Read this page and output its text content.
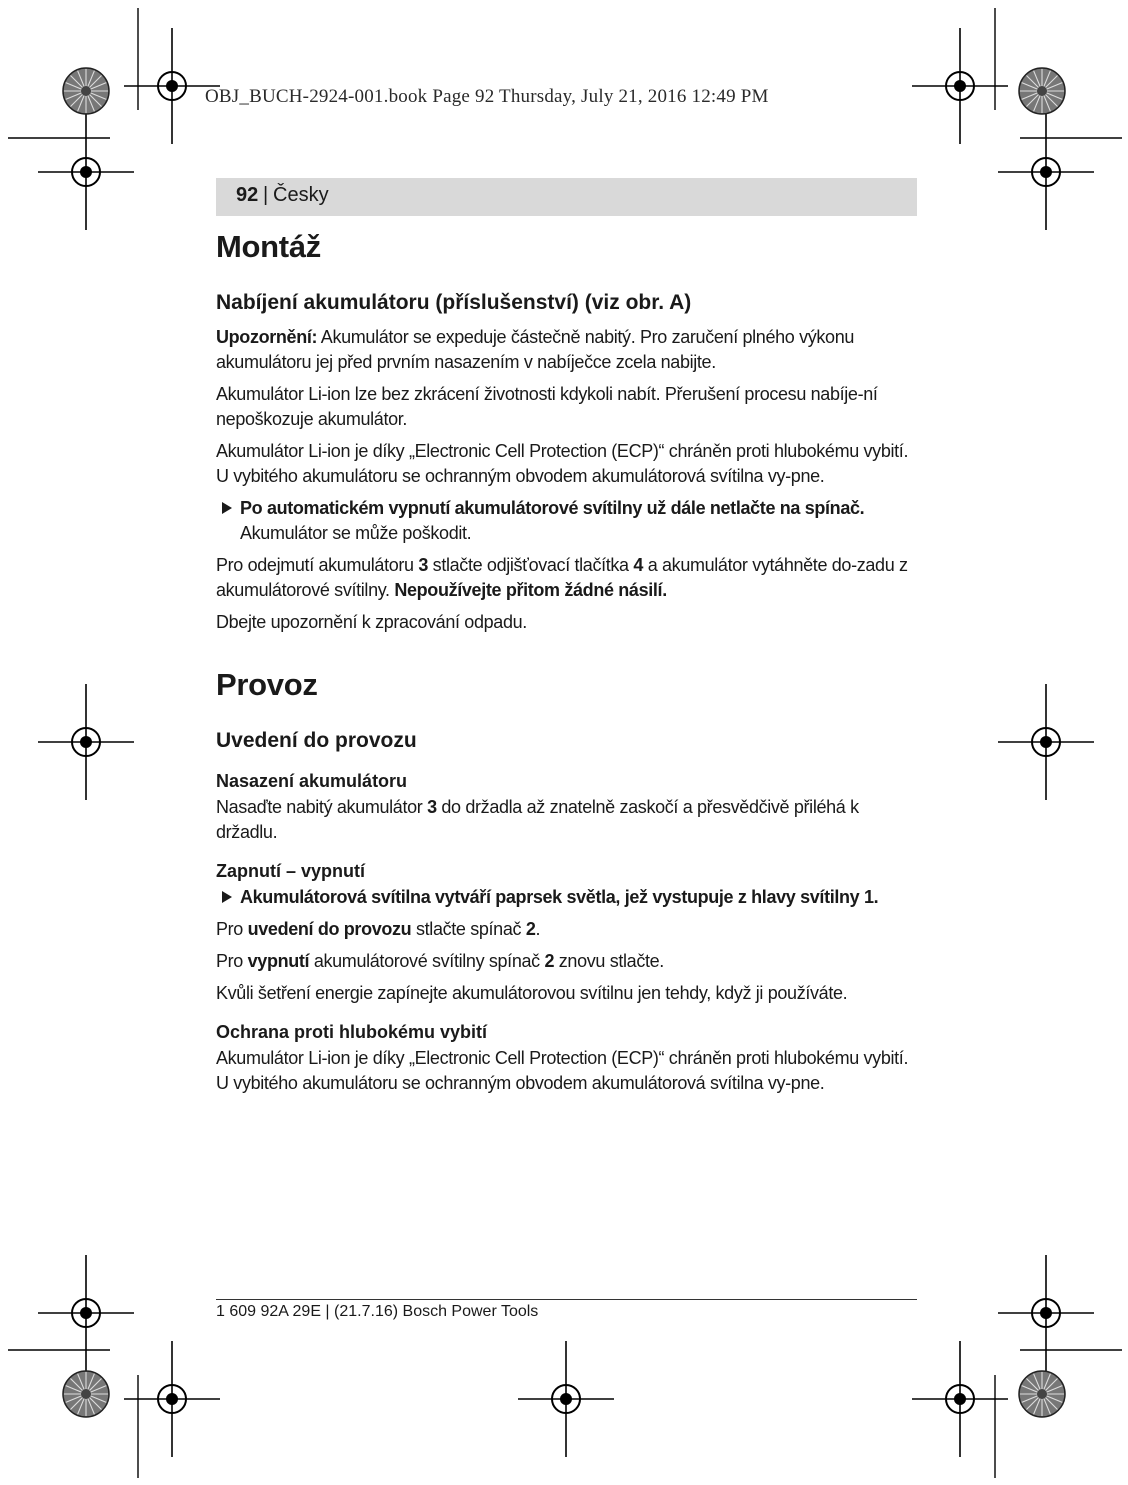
OBJ_BUCH-2924-001.book Page 92 Thursday, July 21, 2016 12:49 PM
92 | Česky
Montáž
Nabíjení akumulátoru (příslušenství) (viz obr. A)

Upozornění: Akumulátor se expeduje částečně nabitý. Pro zaručení plného výkonu akumulátoru jej před prvním nasazením v nabíječce zcela nabijte.

Akumulátor Li-ion lze bez zkrácení životnosti kdykoli nabít. Přerušení procesu nabíje-ní nepoškozuje akumulátor.

Akumulátor Li-ion je díky „Electronic Cell Protection (ECP)“ chráněn proti hlubokému vybití. U vybitého akumulátoru se ochranným obvodem akumulátorová svítilna vy-pne.

Po automatickém vypnutí akumulátorové svítilny už dále netlačte na spínač.
Akumulátor se může poškodit.

Pro odejmutí akumulátoru 3 stlačte odjišťovací tlačítka 4 a akumulátor vytáhněte do-zadu z akumulátorové svítilny. Nepoužívejte přitom žádné násilí.

Dbejte upozornění k zpracování odpadu.

Provoz
Uvedení do provozu
Nasazení akumulátoru

Nasaďte nabitý akumulátor 3 do držadla až znatelně zaskočí a přesvědčivě přiléhá k držadlu.

Zapnutí – vypnutí
Akumulátorová svítilna vytváří paprsek světla, jež vystupuje z hlavy svítilny 1.

Pro uvedení do provozu stlačte spínač 2.

Pro vypnutí akumulátorové svítilny spínač 2 znovu stlačte.

Kvůli šetření energie zapínejte akumulátorovou svítilnu jen tehdy, když ji používáte.

Ochrana proti hlubokému vybití

Akumulátor Li-ion je díky „Electronic Cell Protection (ECP)“ chráněn proti hlubokému vybití. U vybitého akumulátoru se ochranným obvodem akumulátorová svítilna vy-pne.

1 609 92A 29E | (21.7.16) Bosch Power Tools
